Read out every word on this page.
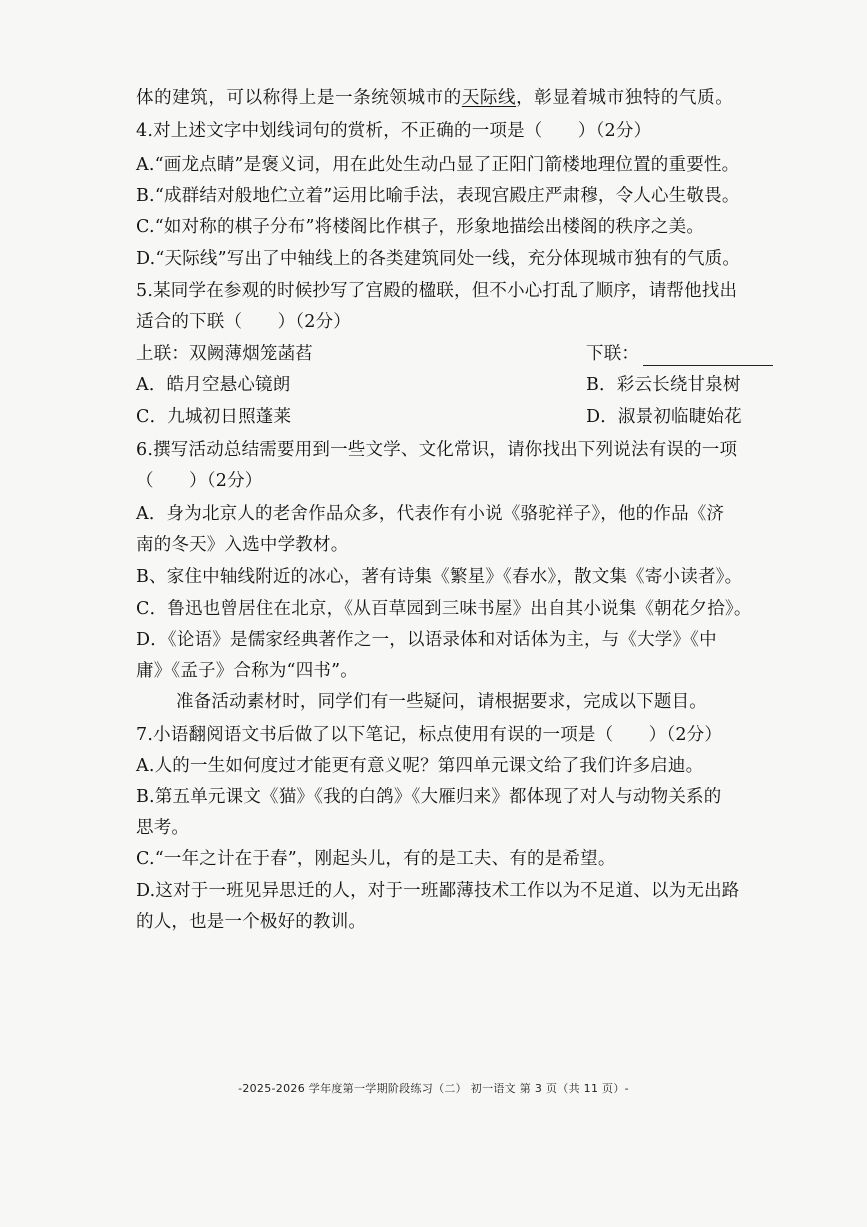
体的建筑，可以称得上是一条统领城市的天际线，彰显着城市独特的气质。
4.对上述文字中划线词句的赏析，不正确的一项是（　　）（2分）
A.“画龙点睛”是褒义词，用在此处生动凸显了正阳门箭楼地理位置的重要性。
B.“成群结对般地伫立着”运用比喻手法，表现宫殿庄严肃穆，令人心生敬畏。
C.“如对称的棋子分布”将楼阁比作棋子，形象地描绘出楼阁的秩序之美。
D.“天际线”写出了中轴线上的各类建筑同处一线，充分体现城市独有的气质。
5.某同学在参观的时候抄写了宫殿的楹联，但不小心打乱了顺序，请帮他找出
适合的下联（　　）（2分）
上联：双阙薄烟笼菡萏	下联：
A．皓月空悬心镜朗	B．彩云长绕甘泉树
C．九城初日照蓬莱	D．淑景初临睫始花
6.撰写活动总结需要用到一些文学、文化常识，请你找出下列说法有误的一项
（　　）（2分）
A．身为北京人的老舍作品众多，代表作有小说《骆驼祥子》，他的作品《济
南的冬天》入选中学教材。
B、家住中轴线附近的冰心，著有诗集《繁星》《春水》，散文集《寄小读者》。
C．鲁迅也曾居住在北京，《从百草园到三味书屋》出自其小说集《朝花夕拾》。
D．《论语》是儒家经典著作之一，以语录体和对话体为主，与《大学》《中
庸》《孟子》合称为“四书”。
准备活动素材时，同学们有一些疑问，请根据要求，完成以下题目。
7.小语翻阅语文书后做了以下笔记，标点使用有误的一项是（　　）（2分）
A.人的一生如何度过才能更有意义呢？第四单元课文给了我们许多启迪。
B.第五单元课文《猫》《我的白鸽》《大雁归来》都体现了对人与动物关系的
思考。
C.“一年之计在于春”，刚起头儿，有的是工夫、有的是希望。
D.这对于一班见异思迁的人，对于一班鄙薄技术工作以为不足道、以为无出路
的人，也是一个极好的教训。
-2025-2026 学年度第一学期阶段练习（二） 初一语文 第 3 页（共 11 页）-
